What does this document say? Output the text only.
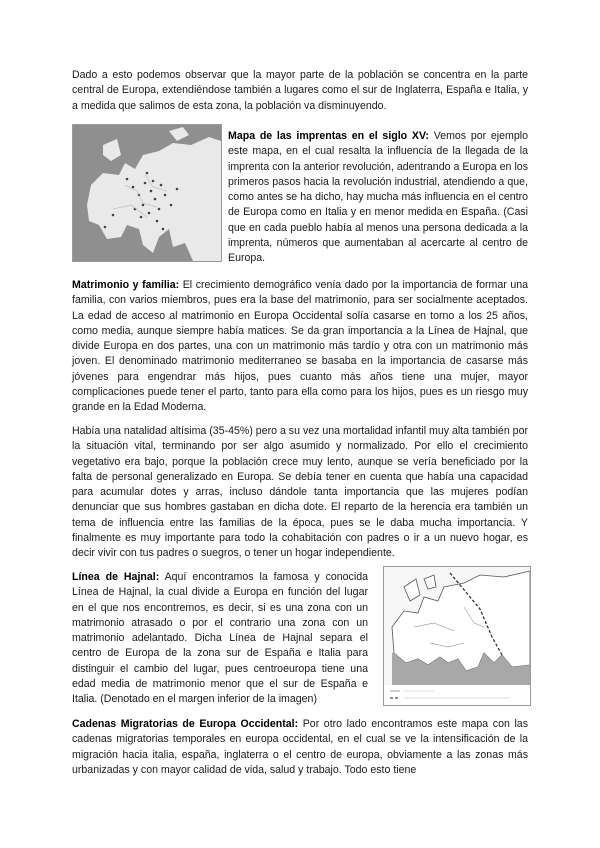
Dado a esto podemos observar que la mayor parte de la población se concentra en la parte central de Europa, extendiéndose también a lugares como el sur de Inglaterra, España e Italia, y a medida que salimos de esta zona, la población va disminuyendo.

Mapa de las imprentas en el siglo XV: Vemos por ejemplo este mapa, en el cual resalta la influencia de la llegada de la imprenta con la anterior revolución, adentrando a Europa en los primeros pasos hacia la revolución industrial, atendiendo a que, como antes se ha dicho, hay mucha más influencia en el centro de Europa como en Italia y en menor medida en España. (Casi que en cada pueblo había al menos una persona dedicada a la imprenta, números que aumentaban al acercarte al centro de Europa.

Matrimonio y familia: El crecimiento demográfico venía dado por la importancia de formar una familia, con varios miembros, pues era la base del matrimonio, para ser socialmente aceptados. La edad de acceso al matrimonio en Europa Occidental solía casarse en torno a los 25 años, como media, aunque siempre había matices. Se da gran importancia a la Línea de Hajnal, que divide Europa en dos partes, una con un matrimonio más tardío y otra con un matrimonio más joven. El denominado matrimonio mediterraneo se basaba en la importancia de casarse más jóvenes para engendrar más hijos, pues cuanto más años tiene una mujer, mayor complicaciones puede tener el parto, tanto para ella como para los hijos, pues es un riesgo muy grande en la Edad Moderna.

Había una natalidad altísima (35-45%) pero a su vez una mortalidad infantil muy alta también por la situación vital, terminando por ser algo asumido y normalizado. Por ello el crecimiento vegetativo era bajo, porque la población crece muy lento, aunque se vería beneficiado por la falta de personal generalizado en Europa. Se debía tener en cuenta que había una capacidad para acumular dotes y arras, incluso dándole tanta importancia que las mujeres podían denunciar que sus hombres gastaban en dicha dote. El reparto de la herencia era también un tema de influencia entre las familias de la época, pues se le daba mucha importancia. Y finalmente es muy importante para todo la cohabitación con padres o ir a un nuevo hogar, es decir vivir con tus padres o suegros, o tener un hogar independiente.

Línea de Hajnal: Aquí encontramos la famosa y conocida Línea de Hajnal, la cual divide a Europa en función del lugar en el que nos encontremos, es decir, si es una zona con un matrimonio atrasado o por el contrario una zona con un matrimonio adelantado. Dicha Línea de Hajnal separa el centro de Europa de la zona sur de España e Italia para distinguir el cambio del lugar, pues centroeuropa tiene una edad media de matrimonio menor que el sur de España e Italia. (Denotado en el margen inferior de la imagen)

Cadenas Migratorias de Europa Occidental: Por otro lado encontramos este mapa con las cadenas migratorias temporales en europa occidental, en el cual se ve la intensificación de la migración hacia italia, españa, inglaterra o el centro de europa, obviamente a las zonas más urbanizadas y con mayor calidad de vida, salud y trabajo. Todo esto tiene
